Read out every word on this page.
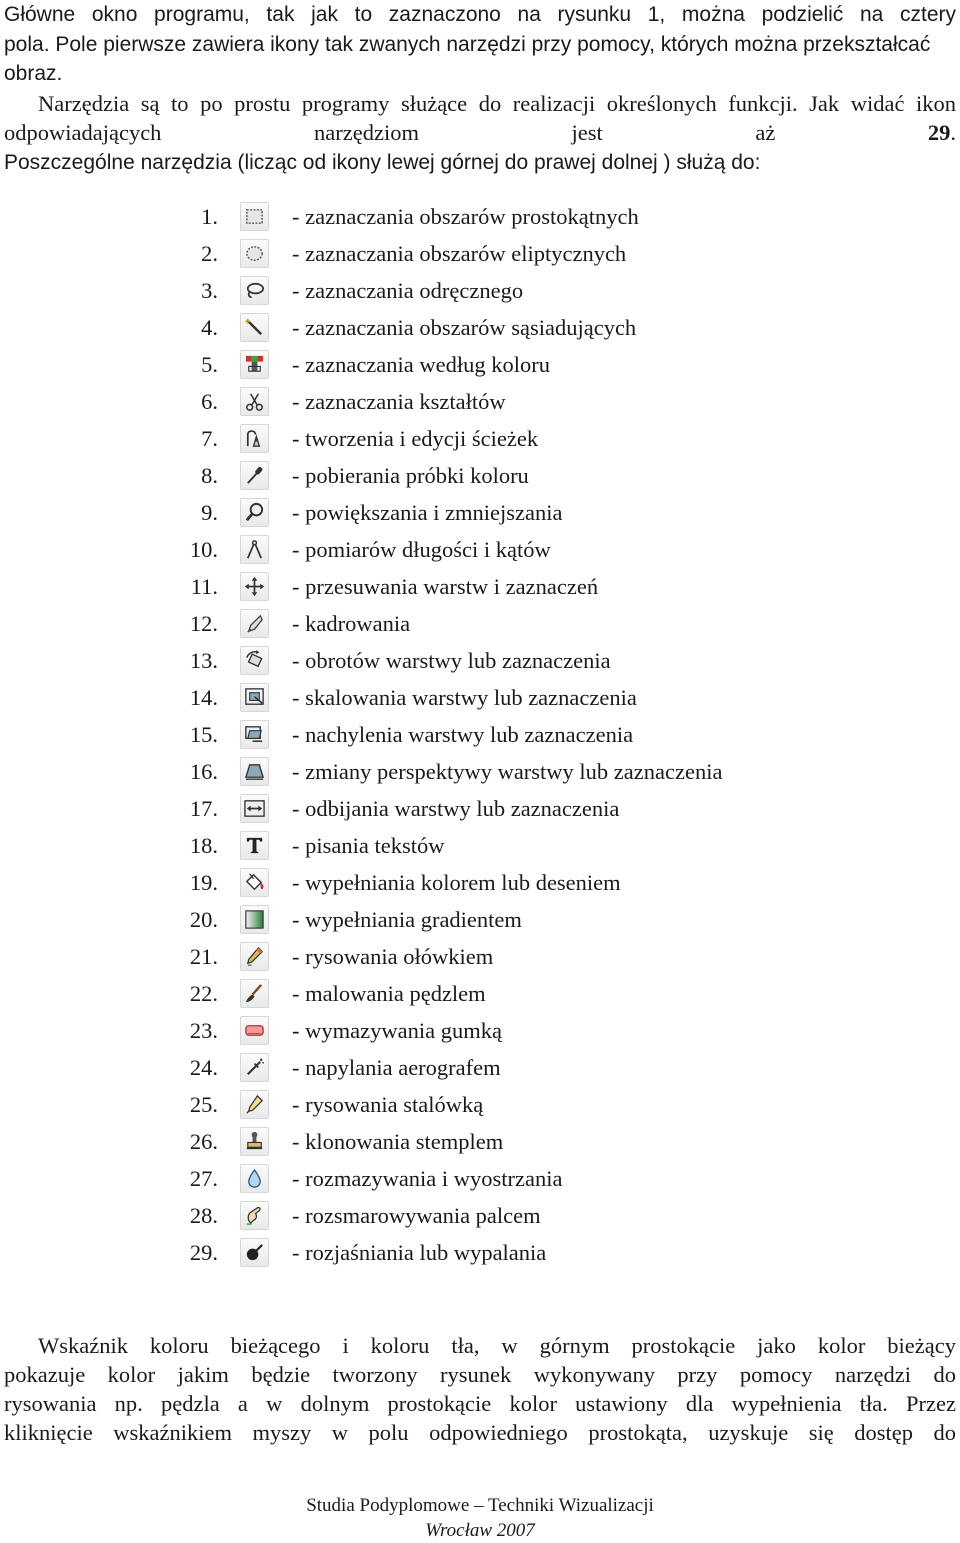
Główne okno programu, tak jak to zaznaczono na rysunku 1, można podzielić na cztery
pola. Pole pierwsze zawiera ikony tak zwanych narzędzi przy pomocy, których można przekształcać obraz.
Narzędzia są to po prostu programy służące do realizacji określonych funkcji. Jak widać ikon odpowiadających narzędziom jest aż 29.
Poszczególne narzędzia (licząc od ikony lewej górnej do prawej dolnej ) służą do:

1.	- zaznaczania obszarów prostokątnych
2.	- zaznaczania obszarów eliptycznych
3.	- zaznaczania odręcznego
4.	- zaznaczania obszarów sąsiadujących
5.	- zaznaczania według koloru
6.	- zaznaczania kształtów
7.	- tworzenia i edycji ścieżek
8.	- pobierania próbki koloru
9.	- powiększania i zmniejszania
10.	- pomiarów długości i kątów
11.	- przesuwania warstw i zaznaczeń
12.	- kadrowania
13.	- obrotów warstwy lub zaznaczenia
14.	- skalowania warstwy lub zaznaczenia
15.	- nachylenia warstwy lub zaznaczenia
16.	- zmiany perspektywy warstwy lub zaznaczenia
17.	- odbijania warstwy lub zaznaczenia
18.	- pisania tekstów
19.	- wypełniania kolorem lub deseniem
20.	- wypełniania gradientem
21.	- rysowania ołówkiem
22.	- malowania pędzlem
23.	- wymazywania gumką
24.	- napylania aerografem
25.	- rysowania stalówką
26.	- klonowania stemplem
27.	- rozmazywania i wyostrzania
28.	- rozsmarowywania palcem
29.	- rozjaśniania lub wypalania

Wskaźnik koloru bieżącego i koloru tła, w górnym prostokącie jako kolor bieżący
pokazuje kolor jakim będzie tworzony rysunek wykonywany przy pomocy narzędzi do
rysowania np. pędzla a w dolnym prostokącie kolor ustawiony dla wypełnienia tła. Przez
kliknięcie wskaźnikiem myszy w polu odpowiedniego prostokąta, uzyskuje się dostęp do

Studia Podyplomowe – Techniki Wizualizacji
Wrocław 2007
